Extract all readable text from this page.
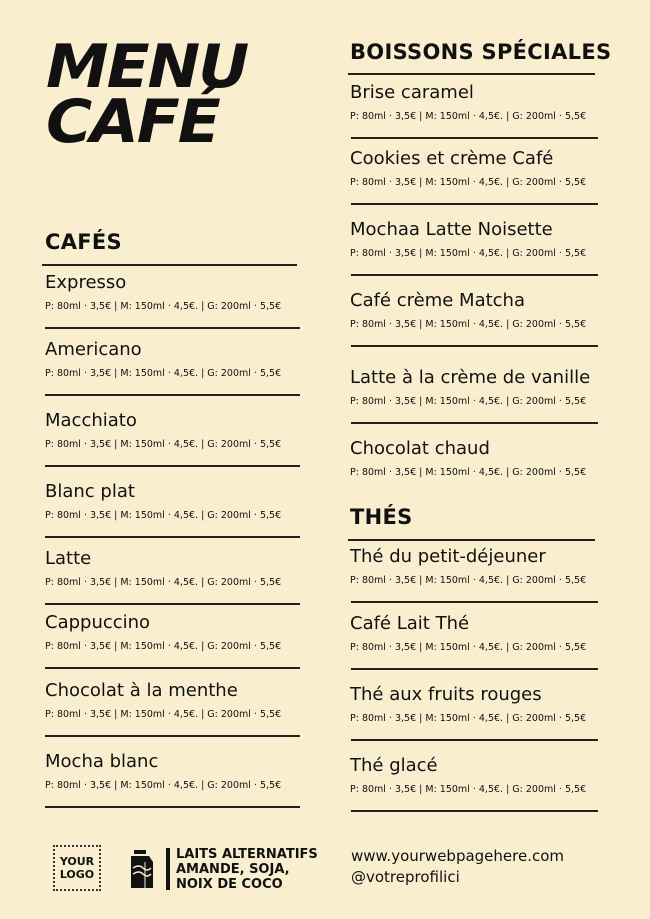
MENU
CAFÉ
CAFÉS
BOISSONS SPÉCIALES
THÉS
Expresso
P: 80ml · 3,5€ | M: 150ml · 4,5€. | G: 200ml · 5,5€
Americano
P: 80ml · 3,5€ | M: 150ml · 4,5€. | G: 200ml · 5,5€
Macchiato
P: 80ml · 3,5€ | M: 150ml · 4,5€. | G: 200ml · 5,5€
Blanc plat
P: 80ml · 3,5€ | M: 150ml · 4,5€. | G: 200ml · 5,5€
Latte
P: 80ml · 3,5€ | M: 150ml · 4,5€. | G: 200ml · 5,5€
Cappuccino
P: 80ml · 3,5€ | M: 150ml · 4,5€. | G: 200ml · 5,5€
Chocolat à la menthe
P: 80ml · 3,5€ | M: 150ml · 4,5€. | G: 200ml · 5,5€
Mocha blanc
P: 80ml · 3,5€ | M: 150ml · 4,5€. | G: 200ml · 5,5€
Brise caramel
P: 80ml · 3,5€ | M: 150ml · 4,5€. | G: 200ml · 5,5€
Cookies et crème Café
P: 80ml · 3,5€ | M: 150ml · 4,5€. | G: 200ml · 5,5€
Mochaa Latte Noisette
P: 80ml · 3,5€ | M: 150ml · 4,5€. | G: 200ml · 5,5€
Café crème Matcha
P: 80ml · 3,5€ | M: 150ml · 4,5€. | G: 200ml · 5,5€
Latte à la crème de vanille
P: 80ml · 3,5€ | M: 150ml · 4,5€. | G: 200ml · 5,5€
Chocolat chaud
P: 80ml · 3,5€ | M: 150ml · 4,5€. | G: 200ml · 5,5€
Thé du petit-déjeuner
P: 80ml · 3,5€ | M: 150ml · 4,5€. | G: 200ml · 5,5€
Café Lait Thé
P: 80ml · 3,5€ | M: 150ml · 4,5€. | G: 200ml · 5,5€
Thé aux fruits rouges
P: 80ml · 3,5€ | M: 150ml · 4,5€. | G: 200ml · 5,5€
Thé glacé
P: 80ml · 3,5€ | M: 150ml · 4,5€. | G: 200ml · 5,5€
YOUR
LOGO
LAITS ALTERNATIFS
AMANDE, SOJA,
NOIX DE COCO
www.yourwebpagehere.com
@votreprofilici
